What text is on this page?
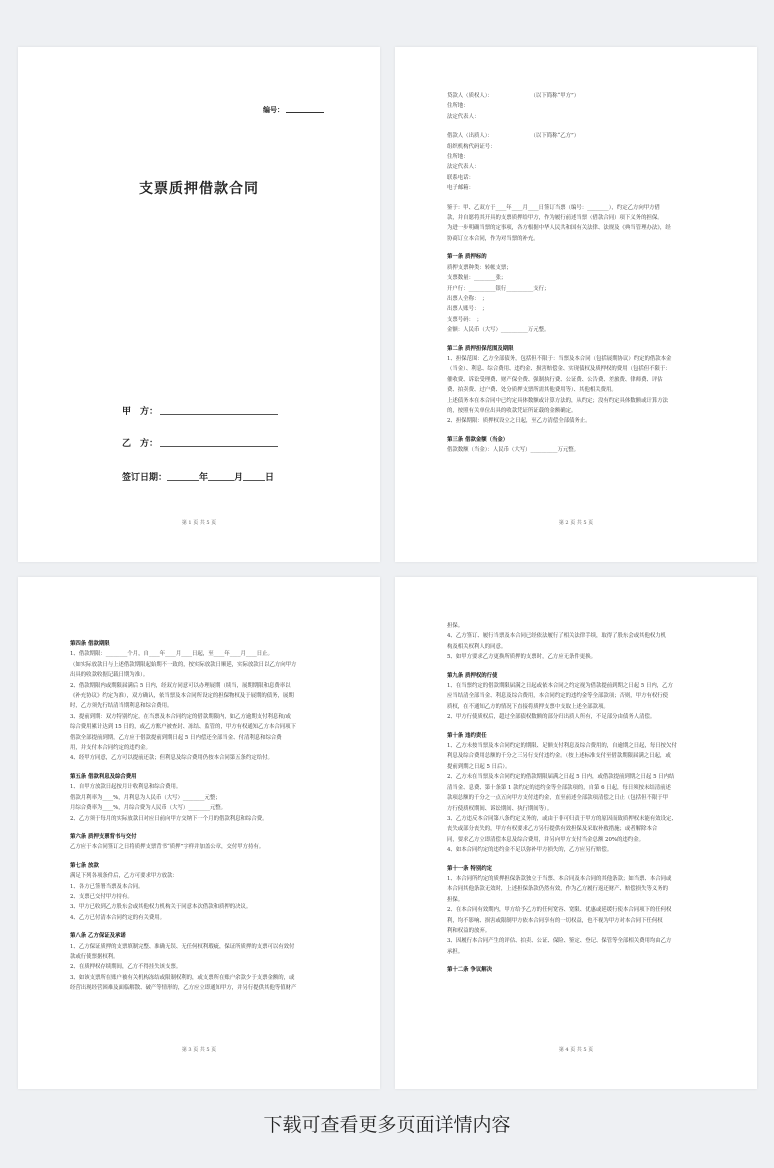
编号：
支票质押借款合同
甲　方：
乙　方：
签订日期：	年	月 日
第 1 页 共 5 页
贷款人（质权人）：　　　　　　　　（以下简称“甲方”）
住所地：
法定代表人：
借款人（出质人）：　　　　　　　　（以下简称“乙方”）
组织机构代码证号：
住所地：
法定代表人：
联系电话：
电子邮箱：
鉴于：甲、乙双方于____年____月____日签订当票（编号：________），约定乙方向甲方借
款，并自愿将其开具的支票质押给甲方，作为履行前述当票（借款合同）项下义务的担保。
为进一步明确当票的定事项，各方根据中华人民共和国有关法律、法规及《典当管理办法》，经
协商订立本合同，作为对当票的补充。
第一条 质押标的
质押支票种类：转帐支票；
支票数量：________张；
开户行：__________银行__________支行；
出票人全称：　；
出票人账号：　；
支票号码：　；
金额：人民币（大写）__________万元整。
第二条 质押担保范围及期限
1、担保范围：乙方全部债务，包括但不限于：当票及本合同（包括展期协议）约定的借款本金
（当金）、利息、综合费用、违约金、损害赔偿金、实现债权及质押权的费用（包括但不限于：
催收费、诉讼受理费、财产保全费、强制执行费、公证费、公告费、差旅费、律师费、评估
费、拍卖费、过户费、处分质押支票所需其他费用等）、其他相关费用。
上述债务本在本合同中已约定具体数额或计算方法的，从约定；没有约定具体数额或计算方法
的，按照有关单位出具的收款凭证所证载的金额确定。
2、担保期限：质押权设立之日起，至乙方清偿全部债务止。
第三条 借款金额（当金）
借款数额（当金）：人民币（大写）__________万元整。
第 2 页 共 5 页
第四条 借款期限
1、借款期限：________个月，自____年____月____日起，至____年____月____日止。
（如实际放款日与上述借款期限起始期不一致的，按实际放款日顺延，实际放款日以乙方向甲方
出具的收款收据记载日期为准）。
2、借款期限内或期限届满后 5 日内，经双方同意可以办理展期（续当，展期期限和息费率以
《补充协议》约定为准），双方确认，依当票及本合同所设定的担保物权及于展期的债务，展期
时，乙方须先行结清当期利息和综合费用。
3、提前到期：双方特别约定，在当票及本合同约定的借款期限内，如乙方逾期支付利息和/或
综合费用累计达到 15 日的，或乙方账户被查封、冻结、监管的，甲方有权通知乙方本合同项下
借款全部提前到期，乙方应于借款提前到期日起 5 日内偿还全部当金、付清利息和综合费
用，并支付本合同约定的违约金。
4、经甲方同意，乙方可以提前还款；但利息及综合费用仍按本合同第五条约定给付。
第五条 借款利息及综合费用
1、自甲方放款日起按月计收利息和综合费用。
借款月利率为____%，月利息为人民币（大写）________元整；
月综合费率为____%，月综合费为人民币（大写）________元整。
2、乙方须于每月的实际放款日对应日前向甲方交纳下一个月的借款利息和综合费。
第六条 质押支票背书与交付
乙方应于本合同签订之日将质押支票背书“质押”字样并加盖公章，交付甲方持有。
第七条 放款
满足下列各项条件后，乙方可要求甲方放款：
1、各方已签署当票及本合同。
2、支票已交付甲方持有。
3、甲方已收到乙方股东会或其他权力机构关于同意本次借款和质押的决议。
4、乙方已付清本合同约定的有关费用。
第八条 乙方保证及承诺
1、乙方保证质押的支票填制完整、准确无误、无任何权利瑕疵，保证所质押的支票可以有效付
款或行使票据权利。
2、在质押权存续期间，乙方不得挂失该支票。
3、如该支票所在账户被有关机构冻结或限制权利的，或支票所在账户余款少于支票金额的，或
经营出现经营困难及面临解散、破产等情形的，乙方应立即通知甲方，并另行提供其他等值财产
第 3 页 共 5 页
担保。
4、乙方签订、履行当票及本合同已经依法履行了相关法律手续，取得了股东会或其他权力机
构及相关权利人的同意。
5、如甲方要求乙方更换所质押的支票时，乙方应无条件更换。
第九条 质押权的行使
1、在当票约定的借款期限届满之日起或依本合同之约定视为借款提前到期之日起 5 日内，乙方
应当结清全部当金、利息及综合费用，本合同约定的违约金等全部款项；否则，甲方有权行使
质权，在不通知乙方的情况下直接将质押支票中支取上述全部款项。
2、甲方行使质权后，超过全部债权数额的部分归出质人所有，不足部分由债务人清偿。
第十条 违约责任
1、乙方未按当票及本合同约定的期限、足额支付利息及综合费用的，自逾期之日起，每日按欠付
利息及综合费用总额的千分之三另行支付违约金。（按上述标准支付至借款期限届满之日起，或
提前到期之日起 5 日后）。
2、乙方未在当票及本合同约定的借款期限届满之日起 5 日内，或借款提前到期之日起 5 日内结
清当金、息费、第十条第 1 款约定的违约金等全部款项的，自第 6 日起，每日须按未结清前述
款项总额的千分之一点五向甲方支付违约金，直至前述全部款项清偿之日止（包括但不限于甲
方行使质权期间、诉讼期间、执行期间等）。
3、乙方违反本合同第八条约定义务的，或由于非可归责于甲方的原因而致质押权未能有效设定、
丧失或部分丧失的，甲方有权要求乙方另行提供有效担保及采取补救措施；或者解除本合
同，要求乙方立即清偿本息及综合费用，并另向甲方支付当金总额 20%的违约金。
4、如本合同约定的违约金不足以弥补甲方损失的，乙方应另行赔偿。
第十一条 特别约定
1、本合同所约定的质押担保条款独立于当票、本合同及本合同的其他条款；如当票、本合同或
本合同其他条款无效时，上述担保条款仍然有效，作为乙方履行返还财产、赔偿损失等义务的
担保。
2、在本合同有效期内，甲方给予乙方的任何宽容、宽限、优惠或延缓行使本合同项下的任何权
利，均不影响、损害或限制甲方依本合同享有的一切权益，也不视为甲方对本合同下任何权
利和权益的放弃。
3、因履行本合同产生的评估、拍卖、公证、保险、鉴定、登记、保管等全部相关费用均由乙方
承担。
第十二条 争议解决
第 4 页 共 5 页
下载可查看更多页面详情内容
